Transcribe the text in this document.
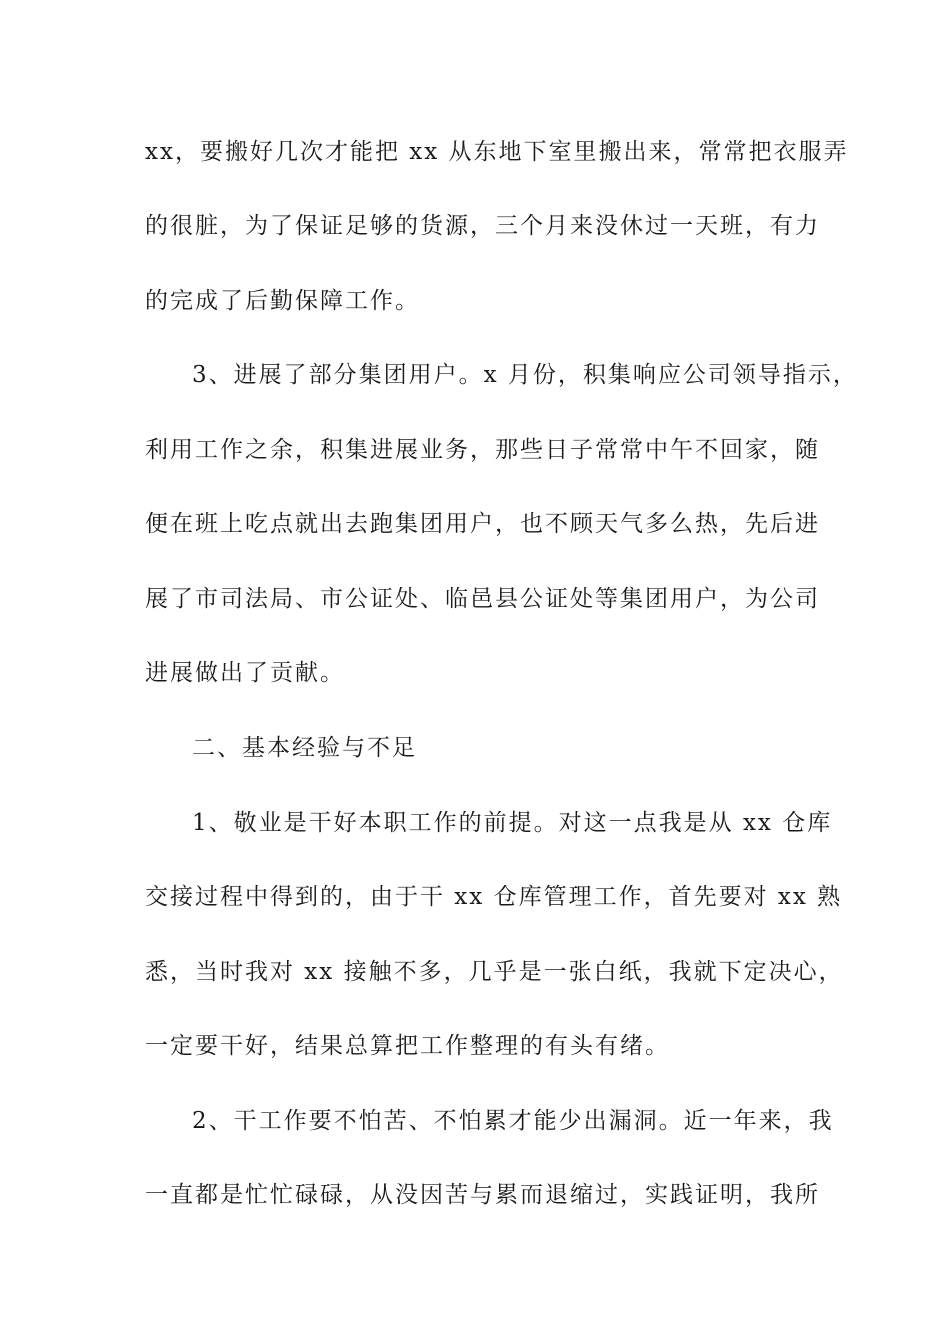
xx，要搬好几次才能把 xx 从东地下室里搬出来，常常把衣服弄

的很脏，为了保证足够的货源，三个月来没休过一天班，有力

的完成了后勤保障工作。

3、进展了部分集团用户。x 月份，积集响应公司领导指示，

利用工作之余，积集进展业务，那些日子常常中午不回家，随

便在班上吃点就出去跑集团用户，也不顾天气多么热，先后进

展了市司法局、市公证处、临邑县公证处等集团用户，为公司

进展做出了贡献。

二、基本经验与不足

1、敬业是干好本职工作的前提。对这一点我是从 xx 仓库

交接过程中得到的，由于干 xx 仓库管理工作，首先要对 xx 熟

悉，当时我对 xx 接触不多，几乎是一张白纸，我就下定决心，

一定要干好，结果总算把工作整理的有头有绪。

2、干工作要不怕苦、不怕累才能少出漏洞。近一年来，我

一直都是忙忙碌碌，从没因苦与累而退缩过，实践证明，我所
